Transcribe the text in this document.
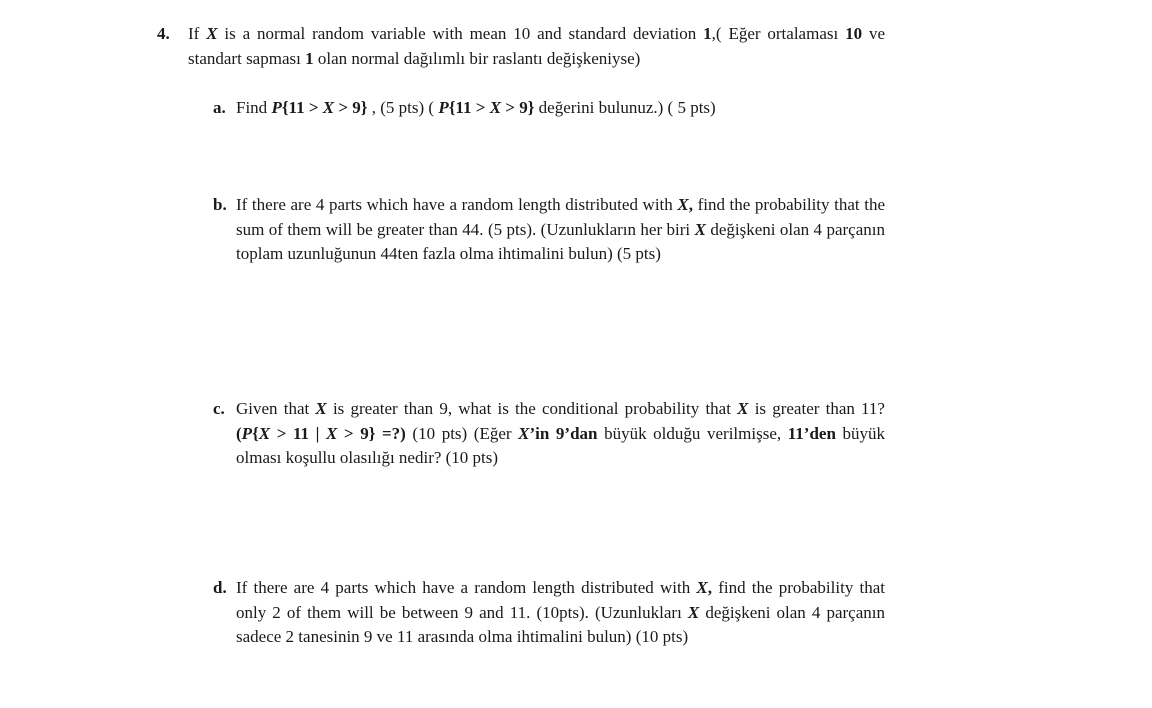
4.	If X is a normal random variable with mean 10 and standard deviation 1,( Eğer ortalaması 10 ve standart sapması 1 olan normal dağılımlı bir raslantı değişkeniyse)
a. Find P{11 > X > 9} , (5 pts) ( P{11 > X > 9} değerini bulunuz.) ( 5 pts)
b. If there are 4 parts which have a random length distributed with X, find the probability that the sum of them will be greater than 44. (5 pts). (Uzunlukların her biri X değişkeni olan 4 parçanın toplam uzunluğunun 44ten fazla olma ihtimalini bulun) (5 pts)
c. Given that X is greater than 9, what is the conditional probability that X is greater than 11? (P{X > 11 | X > 9} =?) (10 pts) (Eğer X’in 9’dan büyük olduğu verilmişse, 11’den büyük olması koşullu olasılığı nedir? (10 pts)
d. If there are 4 parts which have a random length distributed with X, find the probability that only 2 of them will be between 9 and 11. (10pts). (Uzunlukları X değişkeni olan 4 parçanın sadece 2 tanesinin 9 ve 11 arasında olma ihtimalini bulun) (10 pts)
